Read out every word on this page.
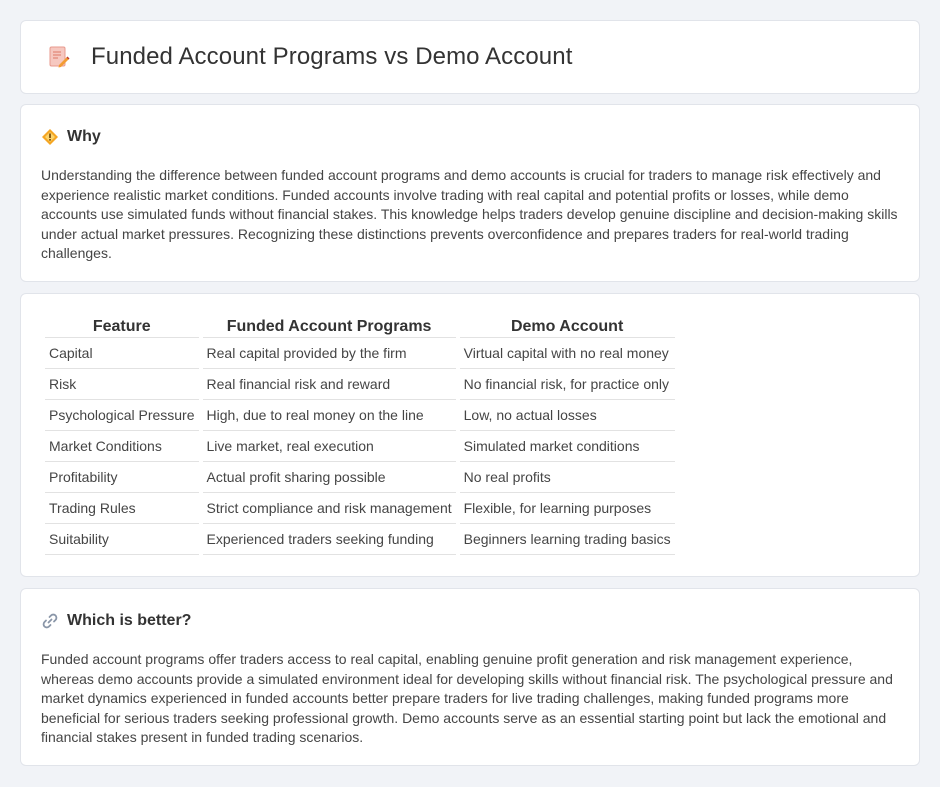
Funded Account Programs vs Demo Account
Why

Understanding the difference between funded account programs and demo accounts is crucial for traders to manage risk effectively and experience realistic market conditions. Funded accounts involve trading with real capital and potential profits or losses, while demo accounts use simulated funds without financial stakes. This knowledge helps traders develop genuine discipline and decision-making skills under actual market pressures. Recognizing these distinctions prevents overconfidence and prepares traders for real-world trading challenges.

Feature	Funded Account Programs	Demo Account
Capital	Real capital provided by the firm	Virtual capital with no real money
Risk	Real financial risk and reward	No financial risk, for practice only
Psychological Pressure	High, due to real money on the line	Low, no actual losses
Market Conditions	Live market, real execution	Simulated market conditions
Profitability	Actual profit sharing possible	No real profits
Trading Rules	Strict compliance and risk management	Flexible, for learning purposes
Suitability	Experienced traders seeking funding	Beginners learning trading basics
Which is better?

Funded account programs offer traders access to real capital, enabling genuine profit generation and risk management experience, whereas demo accounts provide a simulated environment ideal for developing skills without financial risk. The psychological pressure and market dynamics experienced in funded accounts better prepare traders for live trading challenges, making funded programs more beneficial for serious traders seeking professional growth. Demo accounts serve as an essential starting point but lack the emotional and financial stakes present in funded trading scenarios.
